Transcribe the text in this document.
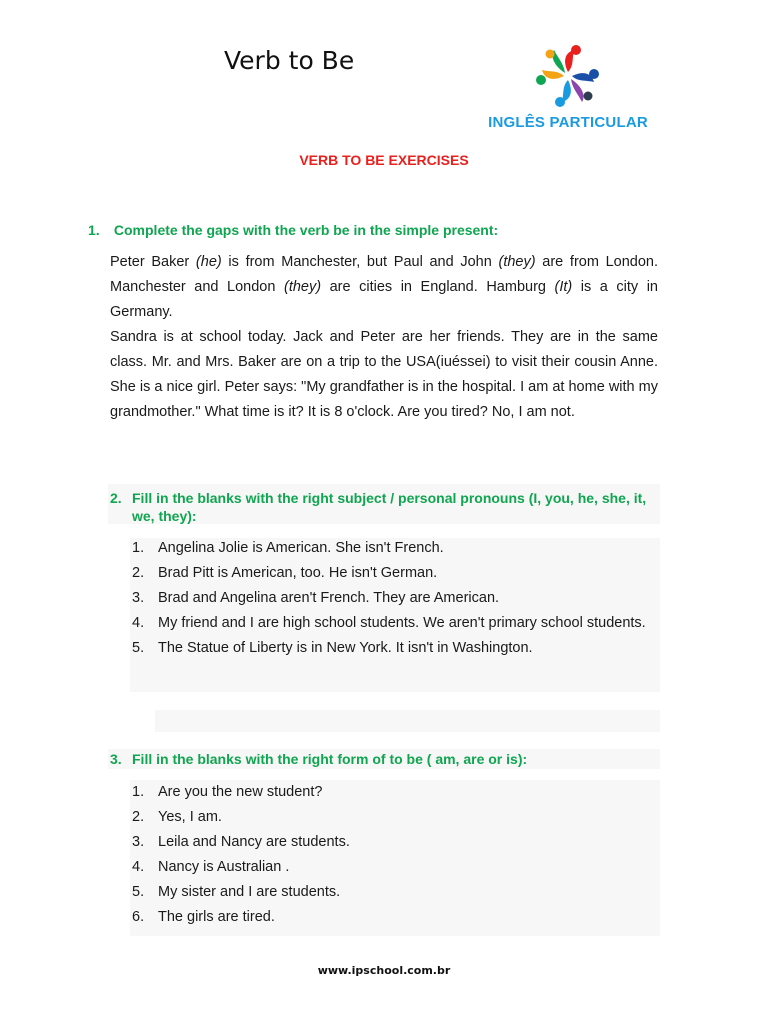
Verb to Be
INGLÊS PARTICULAR
VERB TO BE EXERCISES
1. Complete the gaps with the verb be in the simple present:

Peter Baker (he) is from Manchester, but Paul and John (they) are from London. Manchester and London (they) are cities in England. Hamburg (It) is a city in Germany.

Sandra is at school today. Jack and Peter are her friends. They are in the same class. Mr. and Mrs. Baker are on a trip to the USA(iuéssei) to visit their cousin Anne. She is a nice girl. Peter says: "My grandfather is in the hospital. I am at home with my grandmother." What time is it? It is 8 o'clock. Are you tired? No, I am not.

2. Fill in the blanks with the right subject / personal pronouns (I, you, he, she, it, we, they):
1. Angelina Jolie is American. She isn't French.
2. Brad Pitt is American, too. He isn't German.
3. Brad and Angelina aren't French. They are American.
4. My friend and I are high school students. We aren't primary school students.
5. The Statue of Liberty is in New York. It isn't in Washington.
3. Fill in the blanks with the right form of to be ( am, are or is):
1. Are you the new student?
2. Yes, I am.
3. Leila and Nancy are students.
4. Nancy is Australian .
5. My sister and I are students.
6. The girls are tired.
www.ipschool.com.br
